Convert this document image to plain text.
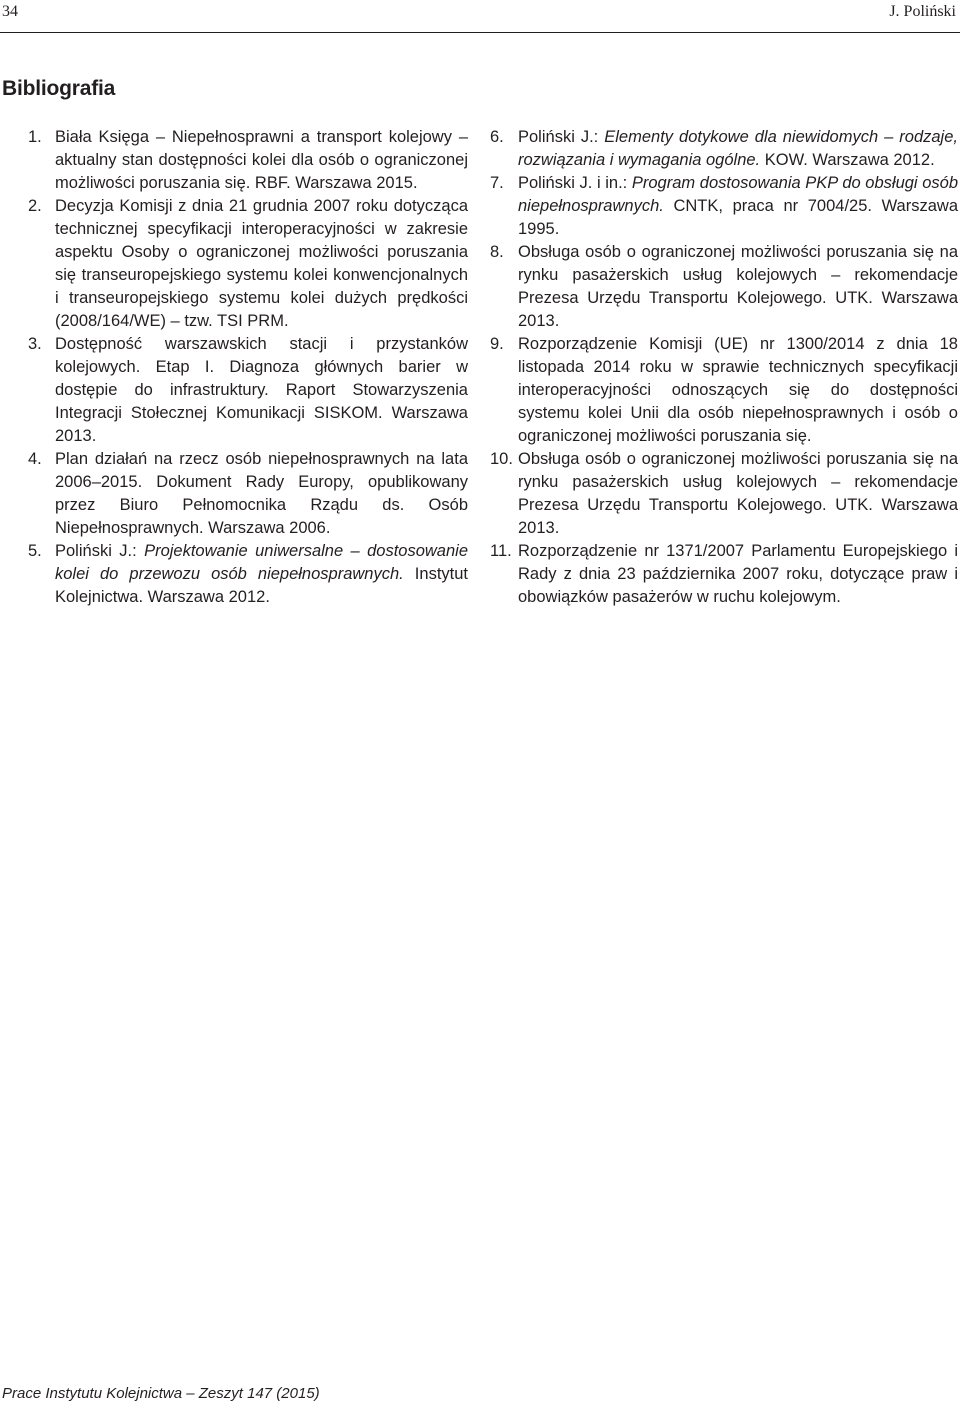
34	J. Poliński
Bibliografia

1. Biała Księga – Niepełnosprawni a transport kolejowy – aktualny stan dostępności kolei dla osób o ograniczonej możliwości poruszania się. RBF. Warszawa 2015.

2. Decyzja Komisji z dnia 21 grudnia 2007 roku dotycząca technicznej specyfikacji interoperacyjności w zakresie aspektu Osoby o ograniczonej możliwości poruszania się transeuropejskiego systemu kolei konwencjonalnych i transeuropejskiego systemu kolei dużych prędkości (2008/164/WE) – tzw. TSI PRM.

3. Dostępność warszawskich stacji i przystanków kolejowych. Etap I. Diagnoza głównych barier w dostępie do infrastruktury. Raport Stowarzyszenia Integracji Stołecznej Komunikacji SISKOM. Warszawa 2013.

4. Plan działań na rzecz osób niepełnosprawnych na lata 2006–2015. Dokument Rady Europy, opublikowany przez Biuro Pełnomocnika Rządu ds. Osób Niepełnosprawnych. Warszawa 2006.

5. Poliński J.: Projektowanie uniwersalne – dostosowanie kolei do przewozu osób niepełnosprawnych. Instytut Kolejnictwa. Warszawa 2012.

6. Poliński J.: Elementy dotykowe dla niewidomych – rodzaje, rozwiązania i wymagania ogólne. KOW. Warszawa 2012.

7. Poliński J. i in.: Program dostosowania PKP do obsługi osób niepełnosprawnych. CNTK, praca nr 7004/25. Warszawa 1995.

8. Obsługa osób o ograniczonej możliwości poruszania się na rynku pasażerskich usług kolejowych – rekomendacje Prezesa Urzędu Transportu Kolejowego. UTK. Warszawa 2013.

9. Rozporządzenie Komisji (UE) nr 1300/2014 z dnia 18 listopada 2014 roku w sprawie technicznych specyfikacji interoperacyjności odnoszących się do dostępności systemu kolei Unii dla osób niepełnosprawnych i osób o ograniczonej możliwości poruszania się.

10. Obsługa osób o ograniczonej możliwości poruszania się na rynku pasażerskich usług kolejowych – rekomendacje Prezesa Urzędu Transportu Kolejowego. UTK. Warszawa 2013.

11. Rozporządzenie nr 1371/2007 Parlamentu Europejskiego i Rady z dnia 23 października 2007 roku, dotyczące praw i obowiązków pasażerów w ruchu kolejowym.

Prace Instytutu Kolejnictwa – Zeszyt 147 (2015)
